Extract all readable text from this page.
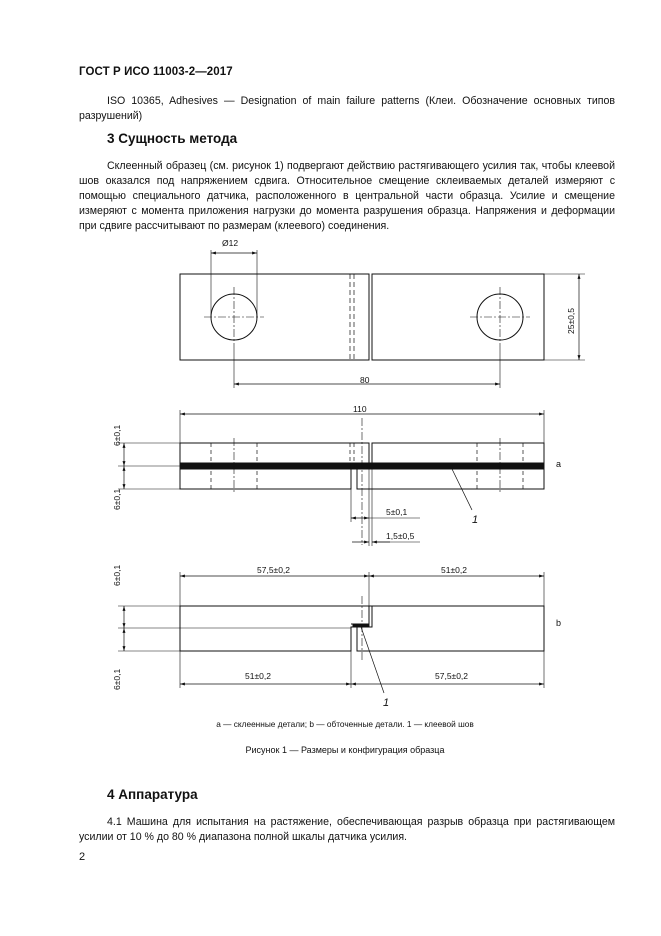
ГОСТ Р ИСО 11003-2—2017
ISO 10365, Adhesives — Designation of main failure patterns (Клеи. Обозначение основных типов разрушений)
3 Сущность метода
Склеенный образец (см. рисунок 1) подвергают действию растягивающего усилия так, чтобы клеевой шов оказался под напряжением сдвига. Относительное смещение склеиваемых деталей измеряют с помощью специального датчика, расположенного в центральной части образца. Усилие и смещение измеряют с момента приложения нагрузки до момента разрушения образца. Напряжения и деформации при сдвиге рассчитывают по размерам (клеевого) соединения.
Ø12
80
25±0,5
110
6±0,1
6±0,1
5±0,1
1,5±0,5
a
1
6±0,1
6±0,1
57,5±0,2	51±0,2
51±0,2	57,5±0,2
b
1
а — склеенные детали; b — обточенные детали. 1 — клеевой шов
Рисунок 1 — Размеры и конфигурация образца
4 Аппаратура
4.1 Машина для испытания на растяжение, обеспечивающая разрыв образца при растягивающем усилии от 10 % до 80 % диапазона полной шкалы датчика усилия.
2
